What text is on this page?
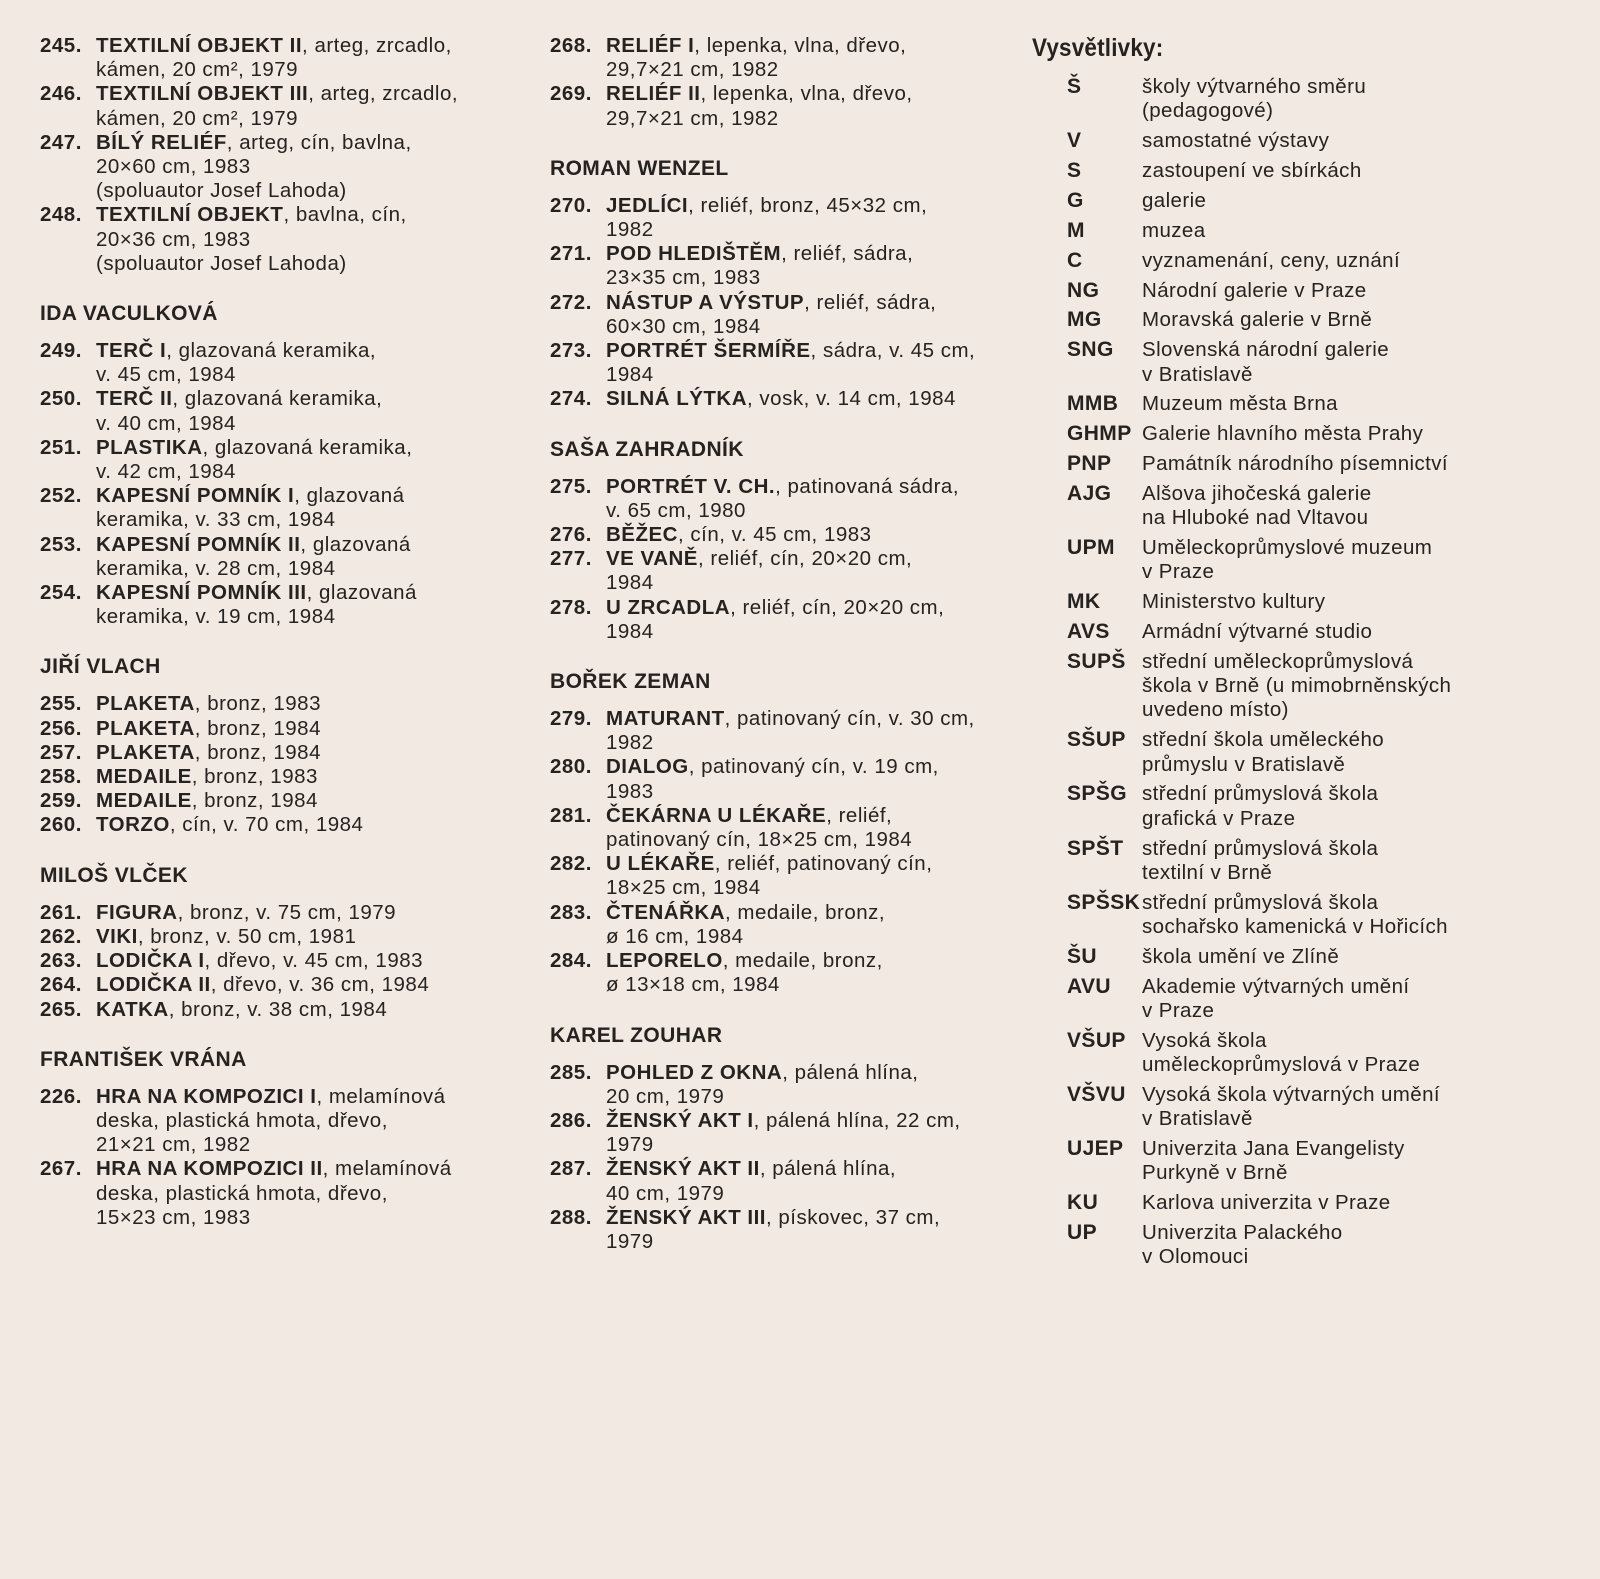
245. TEXTILNÍ OBJEKT II, arteg, zrcadlo,
kámen, 20 cm², 1979
246. TEXTILNÍ OBJEKT III, arteg, zrcadlo,
kámen, 20 cm², 1979
247. BÍLÝ RELIÉF, arteg, cín, bavlna,
20×60 cm, 1983
(spoluautor Josef Lahoda)
248. TEXTILNÍ OBJEKT, bavlna, cín,
20×36 cm, 1983
(spoluautor Josef Lahoda)
IDA VACULKOVÁ
249. TERČ I, glazovaná keramika,
v. 45 cm, 1984
250. TERČ II, glazovaná keramika,
v. 40 cm, 1984
251. PLASTIKA, glazovaná keramika,
v. 42 cm, 1984
252. KAPESNÍ POMNÍK I, glazovaná
keramika, v. 33 cm, 1984
253. KAPESNÍ POMNÍK II, glazovaná
keramika, v. 28 cm, 1984
254. KAPESNÍ POMNÍK III, glazovaná
keramika, v. 19 cm, 1984
JIŘÍ VLACH
255. PLAKETA, bronz, 1983
256. PLAKETA, bronz, 1984
257. PLAKETA, bronz, 1984
258. MEDAILE, bronz, 1983
259. MEDAILE, bronz, 1984
260. TORZO, cín, v. 70 cm, 1984
MILOŠ VLČEK
261. FIGURA, bronz, v. 75 cm, 1979
262. VIKI, bronz, v. 50 cm, 1981
263. LODIČKA I, dřevo, v. 45 cm, 1983
264. LODIČKA II, dřevo, v. 36 cm, 1984
265. KATKA, bronz, v. 38 cm, 1984
FRANTIŠEK VRÁNA
226. HRA NA KOMPOZICI I, melamínová
deska, plastická hmota, dřevo,
21×21 cm, 1982
267. HRA NA KOMPOZICI II, melamínová
deska, plastická hmota, dřevo,
15×23 cm, 1983
268. RELIÉF I, lepenka, vlna, dřevo,
29,7×21 cm, 1982
269. RELIÉF II, lepenka, vlna, dřevo,
29,7×21 cm, 1982
ROMAN WENZEL
270. JEDLÍCI, reliéf, bronz, 45×32 cm,
1982
271. POD HLEDIŠTĚM, reliéf, sádra,
23×35 cm, 1983
272. NÁSTUP A VÝSTUP, reliéf, sádra,
60×30 cm, 1984
273. PORTRÉT ŠERMÍŘE, sádra, v. 45 cm,
1984
274. SILNÁ LÝTKA, vosk, v. 14 cm, 1984
SAŠA ZAHRADNÍK
275. PORTRÉT V. CH., patinovaná sádra,
v. 65 cm, 1980
276. BĚŽEC, cín, v. 45 cm, 1983
277. VE VANĚ, reliéf, cín, 20×20 cm,
1984
278. U ZRCADLA, reliéf, cín, 20×20 cm,
1984
BOŘEK ZEMAN
279. MATURANT, patinovaný cín, v. 30 cm,
1982
280. DIALOG, patinovaný cín, v. 19 cm,
1983
281. ČEKÁRNA U LÉKAŘE, reliéf,
patinovaný cín, 18×25 cm, 1984
282. U LÉKAŘE, reliéf, patinovaný cín,
18×25 cm, 1984
283. ČTENÁŘKA, medaile, bronz,
ø 16 cm, 1984
284. LEPORELO, medaile, bronz,
ø 13×18 cm, 1984
KAREL ZOUHAR
285. POHLED Z OKNA, pálená hlína,
20 cm, 1979
286. ŽENSKÝ AKT I, pálená hlína, 22 cm,
1979
287. ŽENSKÝ AKT II, pálená hlína,
40 cm, 1979
288. ŽENSKÝ AKT III, pískovec, 37 cm,
1979
Vysvětlivky:
Š	školy výtvarného směru
(pedagogové)
V	samostatné výstavy
S	zastoupení ve sbírkách
G	galerie
M	muzea
C	vyznamenání, ceny, uznání
NG	Národní galerie v Praze
MG	Moravská galerie v Brně
SNG	Slovenská národní galerie
v Bratislavě
MMB	Muzeum města Brna
GHMP Galerie hlavního města Prahy
PNP	Památník národního písemnictví
AJG	Alšova jihočeská galerie
na Hluboké nad Vltavou
UPM	Uměleckoprůmyslové muzeum
v Praze
MK	Ministerstvo kultury
AVS	Armádní výtvarné studio
SUPŠ střední uměleckoprůmyslová
škola v Brně (u mimobrněnských
uvedeno místo)
SŠUP střední škola uměleckého
průmyslu v Bratislavě
SPŠG střední průmyslová škola
grafická v Praze
SPŠT střední průmyslová škola
textilní v Brně
SPŠSK střední průmyslová škola
sochařsko kamenická v Hořicích
ŠU	škola umění ve Zlíně
AVU	Akademie výtvarných umění
v Praze
VŠUP Vysoká škola
uměleckoprůmyslová v Praze
VŠVU Vysoká škola výtvarných umění
v Bratislavě
UJEP Univerzita Jana Evangelisty
Purkyně v Brně
KU	Karlova univerzita v Praze
UP	Univerzita Palackého
v Olomouci
